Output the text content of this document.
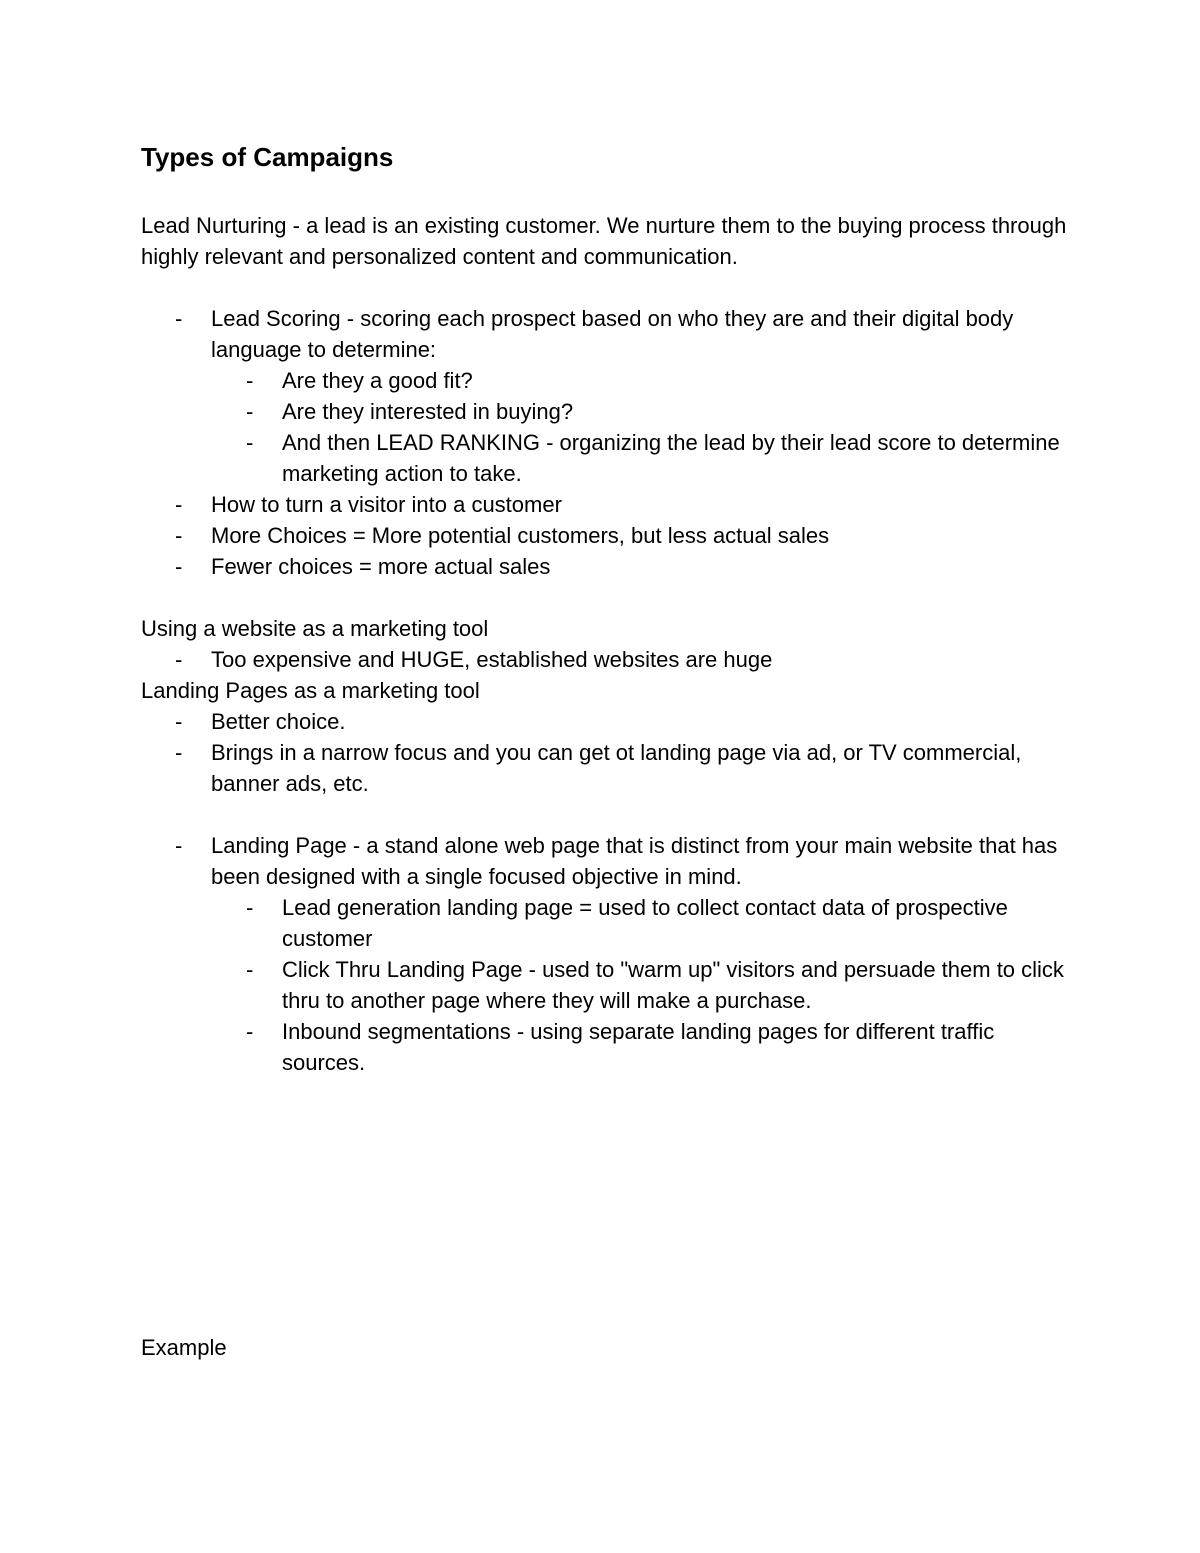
Types of Campaigns

Lead Nurturing - a lead is an existing customer. We nurture them to the buying process through highly relevant and personalized content and communication.

- Lead Scoring - scoring each prospect based on who they are and their digital body language to determine:
- Are they a good fit?
- Are they interested in buying?
- And then LEAD RANKING - organizing the lead by their lead score to determine marketing action to take.
- How to turn a visitor into a customer
- More Choices = More potential customers, but less actual sales
- Fewer choices = more actual sales

Using a website as a marketing tool

- Too expensive and HUGE, established websites are huge

Landing Pages as a marketing tool

- Better choice.
- Brings in a narrow focus and you can get ot landing page via ad, or TV commercial, banner ads, etc.
- Landing Page - a stand alone web page that is distinct from your main website that has been designed with a single focused objective in mind.
- Lead generation landing page = used to collect contact data of prospective customer
- Click Thru Landing Page - used to "warm up" visitors and persuade them to click thru to another page where they will make a purchase.
- Inbound segmentations - using separate landing pages for different traffic sources.

Example
